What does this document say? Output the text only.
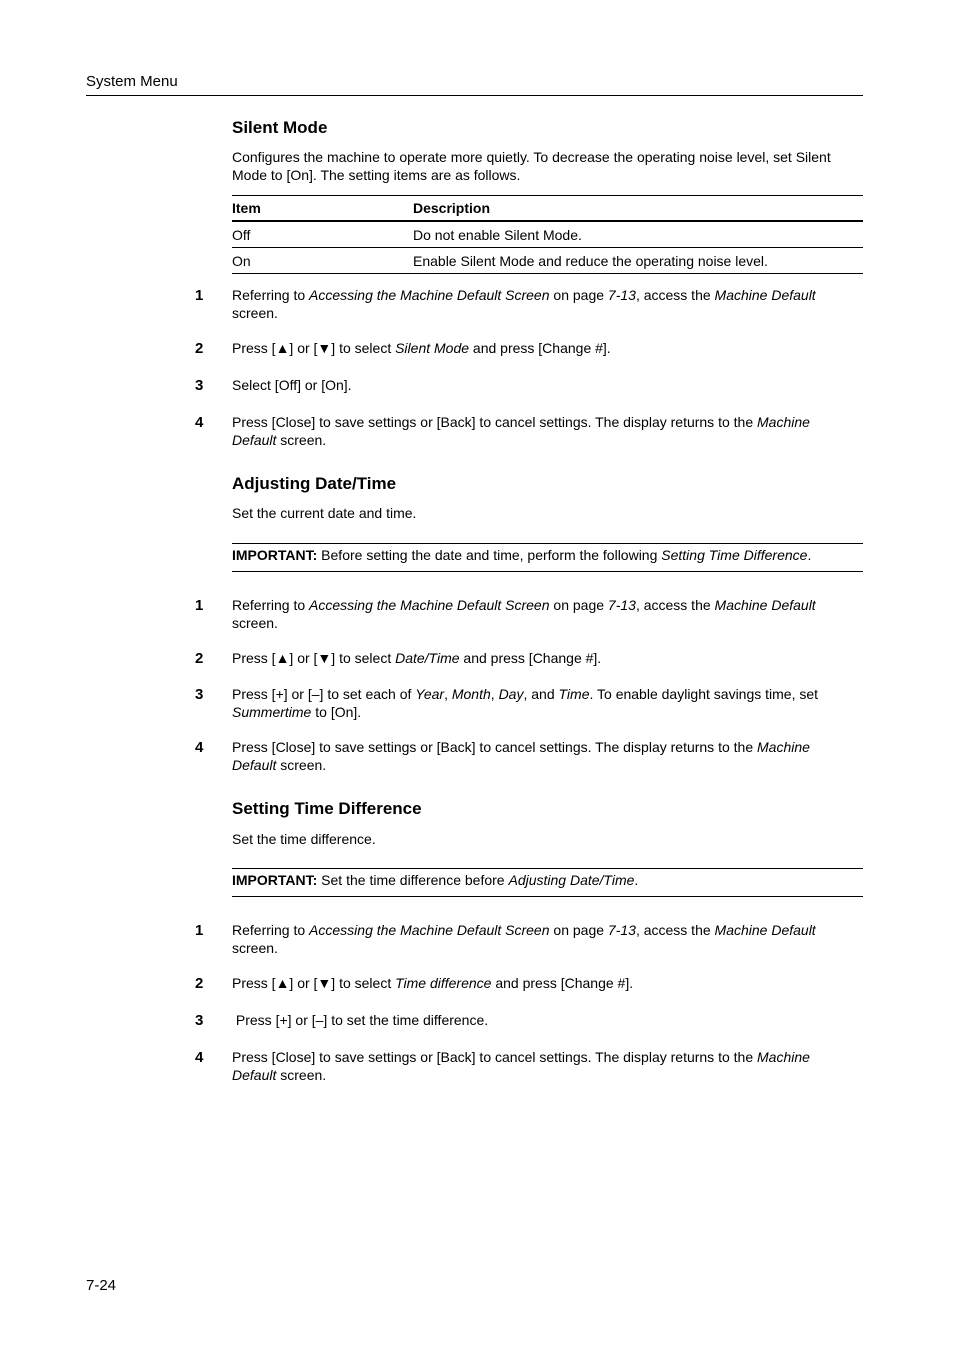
System Menu
Silent Mode
Configures the machine to operate more quietly. To decrease the operating noise level, set Silent Mode to [On]. The setting items are as follows.
Item	Description
Off	Do not enable Silent Mode.
On	Enable Silent Mode and reduce the operating noise level.
1 Referring to Accessing the Machine Default Screen on page 7-13, access the Machine Default screen.
2 Press [▲] or [▼] to select Silent Mode and press [Change #].
3 Select [Off] or [On].
4 Press [Close] to save settings or [Back] to cancel settings. The display returns to the Machine Default screen.
Adjusting Date/Time
Set the current date and time.
IMPORTANT: Before setting the date and time, perform the following Setting Time Difference.
1 Referring to Accessing the Machine Default Screen on page 7-13, access the Machine Default screen.
2 Press [▲] or [▼] to select Date/Time and press [Change #].
3 Press [+] or [–] to set each of Year, Month, Day, and Time. To enable daylight savings time, set Summertime to [On].
4 Press [Close] to save settings or [Back] to cancel settings. The display returns to the Machine Default screen.
Setting Time Difference
Set the time difference.
IMPORTANT: Set the time difference before Adjusting Date/Time.
1 Referring to Accessing the Machine Default Screen on page 7-13, access the Machine Default screen.
2 Press [▲] or [▼] to select Time difference and press [Change #].
3 Press [+] or [–] to set the time difference.
4 Press [Close] to save settings or [Back] to cancel settings. The display returns to the Machine Default screen.
7-24
